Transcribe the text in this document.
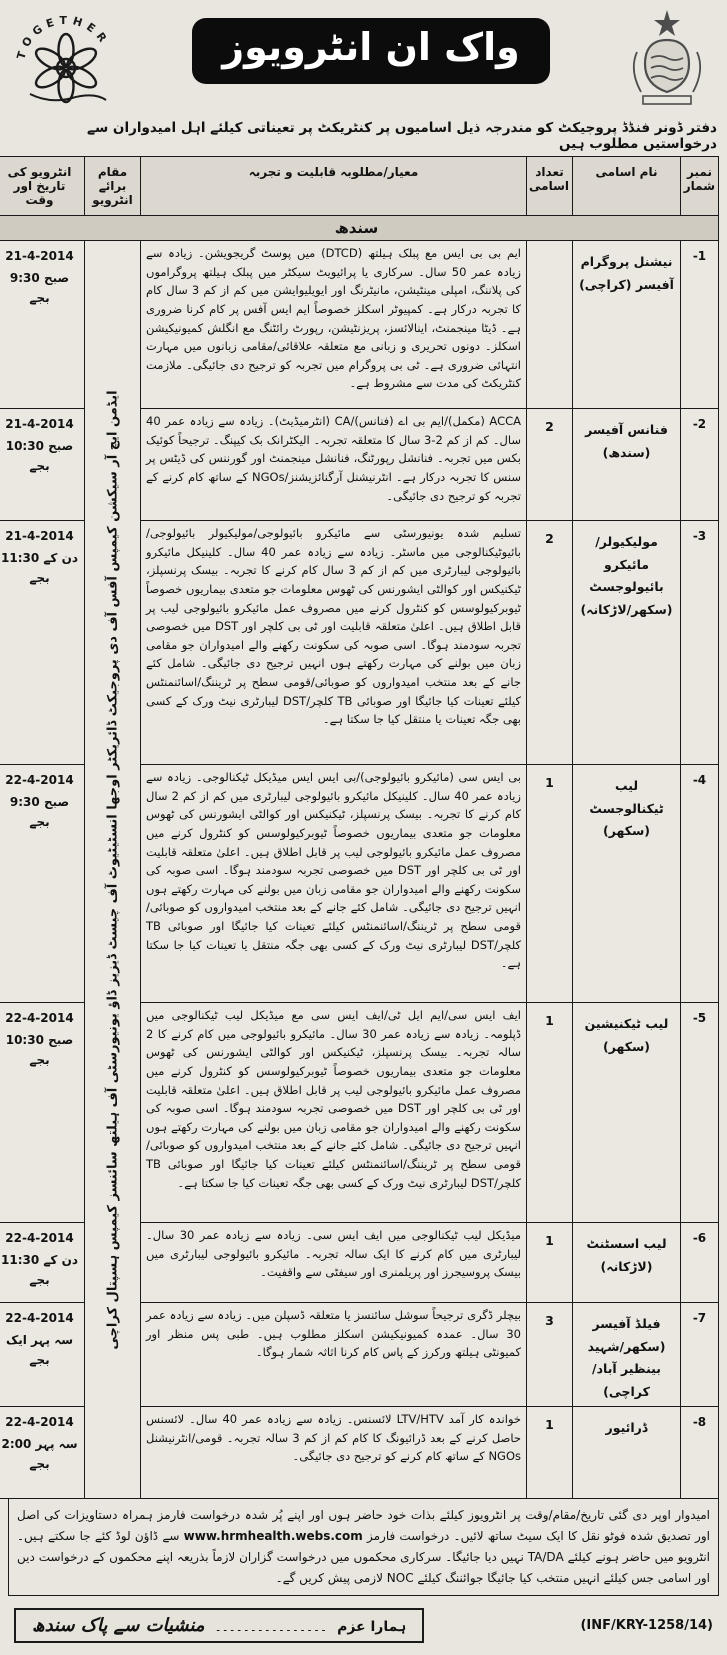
TOGETHER
6	واک ان انٹرویوز
دفتر ڈونر فنڈڈ پروجیکٹ کو مندرجہ ذیل اسامیوں پر کنٹریکٹ پر تعیناتی کیلئے اہل امیدواران سے درخواستیں مطلوب ہیں
نمبر شمار	نام اسامی	تعداد اسامی	معیار/مطلوبہ قابلیت و تجربہ	مقام برائے انٹرویو	انٹرویو کی تاریخ اور وقت
سندھ					
-1	نیشنل پروگرام آفیسر (کراچی)		ایم بی بی ایس مع پبلک ہیلتھ (DTCD) میں پوسٹ گریجویشن۔ زیادہ سے زیادہ عمر 50 سال۔ سرکاری یا پرائیویٹ سیکٹر میں پبلک ہیلتھ پروگراموں کی پلاننگ، امپلی مینٹیشن، مانیٹرنگ اور ایویلیوایشن میں کم از کم 3 سال کام کا تجربہ درکار ہے۔ کمپیوٹر اسکلز خصوصاً ایم ایس آفس پر کام کرنا ضروری ہے۔ ڈیٹا مینجمنٹ، اینالائسز، پریزنٹیشن، رپورٹ رائٹنگ مع انگلش کمیونیکیشن اسکلز۔ دونوں تحریری و زبانی مع متعلقہ علاقائی/مقامی زبانوں میں مہارت انتہائی ضروری ہے۔ ٹی بی پروگرام میں تجربہ کو ترجیح دی جائیگی۔ ملازمت کنٹریکٹ کی مدت سے مشروط ہے۔	ایڈمن ایچ آر سیکشن کیمپس آفس آف دی پروجیکٹ ڈائریکٹر اوجھا انسٹیٹیوٹ آف چیسٹ ڈیزیز ڈاؤ یونیورسٹی آف ہیلتھ سائنسز کیمپس ہسپتال کراچی	21-4-2014
صبح 9:30 بجے

-2	فنانس آفیسر (سندھ)	2	ACCA (مکمل)/ایم بی اے (فنانس)/CA (انٹرمیڈیٹ)۔ زیادہ سے زیادہ عمر 40 سال۔ کم از کم 2-3 سال کا متعلقہ تجربہ۔ الیکٹرانک بک کیپنگ۔ ترجیحاً کوئیک بکس میں تجربہ۔ فنانشل رپورٹنگ، فنانشل مینجمنٹ اور گورننس کی ڈیٹس پر سنس کا تجربہ درکار ہے۔ انٹرنیشنل آرگنائزیشنز/NGOs کے ساتھ کام کرنے کے تجربہ کو ترجیح دی جائیگی۔		21-4-2014
صبح 10:30 بجے

-3	مولیکیولر/مائیکرو بائیولوجسٹ (سکھر/لاڑکانہ)	2	تسلیم شدہ یونیورسٹی سے مائیکرو بائیولوجی/مولیکیولر بائیولوجی/بائیوٹیکنالوجی میں ماسٹر۔ زیادہ سے زیادہ عمر 40 سال۔ کلینیکل مائیکرو بائیولوجی لیبارٹری میں کم از کم 3 سال کام کرنے کا تجربہ۔ بیسک پرنسپلز، ٹیکنیکس اور کوالٹی ایشورنس کی ٹھوس معلومات جو متعدی بیماریوں خصوصاً ٹیوبرکیولوسس کو کنٹرول کرنے میں مصروف عمل مائیکرو بائیولوجی لیب پر قابل اطلاق ہیں۔ اعلیٰ متعلقہ قابلیت اور ٹی بی کلچر اور DST میں خصوصی تجربہ سودمند ہوگا۔ اسی صوبہ کی سکونت رکھنے والے امیدواران جو مقامی زبان میں بولنے کی مہارت رکھتے ہوں انہیں ترجیح دی جائیگی۔ شامل کئے جانے کے بعد منتخب امیدواروں کو صوبائی/قومی سطح پر ٹریننگ/اسائنمنٹس کیلئے تعینات کیا جائیگا اور صوبائی TB کلچر/DST لیبارٹری نیٹ ورک کے کسی بھی جگہ تعینات یا منتقل کیا جا سکتا ہے۔		21-4-2014
دن کے 11:30 بجے

-4	لیب ٹیکنالوجسٹ (سکھر)	1	بی ایس سی (مائیکرو بائیولوجی)/بی ایس ایس میڈیکل ٹیکنالوجی۔ زیادہ سے زیادہ عمر 40 سال۔ کلینیکل مائیکرو بائیولوجی لیبارٹری میں کم از کم 2 سال کام کرنے کا تجربہ۔ بیسک پرنسپلز، ٹیکنیکس اور کوالٹی ایشورنس کی ٹھوس معلومات جو متعدی بیماریوں خصوصاً ٹیوبرکیولوسس کو کنٹرول کرنے میں مصروف عمل مائیکرو بائیولوجی لیب پر قابل اطلاق ہیں۔ اعلیٰ متعلقہ قابلیت اور ٹی بی کلچر اور DST میں خصوصی تجربہ سودمند ہوگا۔ اسی صوبہ کی سکونت رکھنے والے امیدواران جو مقامی زبان میں بولنے کی مہارت رکھتے ہوں انہیں ترجیح دی جائیگی۔ شامل کئے جانے کے بعد منتخب امیدواروں کو صوبائی/قومی سطح پر ٹریننگ/اسائنمنٹس کیلئے تعینات کیا جائیگا اور صوبائی TB کلچر/DST لیبارٹری نیٹ ورک کے کسی بھی جگہ منتقل یا تعینات کیا جا سکتا ہے۔		22-4-2014
صبح 9:30 بجے

-5	لیب ٹیکنیشین (سکھر)	1	ایف ایس سی/ایم ایل ٹی/ایف ایس سی مع میڈیکل لیب ٹیکنالوجی میں ڈپلومہ۔ زیادہ سے زیادہ عمر 30 سال۔ مائیکرو بائیولوجی میں کام کرنے کا 2 سالہ تجربہ۔ بیسک پرنسپلز، ٹیکنیکس اور کوالٹی ایشورنس کی ٹھوس معلومات جو متعدی بیماریوں خصوصاً ٹیوبرکیولوسس کو کنٹرول کرنے میں مصروف عمل مائیکرو بائیولوجی لیب پر قابل اطلاق ہیں۔ اعلیٰ متعلقہ قابلیت اور ٹی بی کلچر اور DST میں خصوصی تجربہ سودمند ہوگا۔ اسی صوبہ کی سکونت رکھنے والے امیدواران جو مقامی زبان میں بولنے کی مہارت رکھتے ہوں انہیں ترجیح دی جائیگی۔ شامل کئے جانے کے بعد منتخب امیدواروں کو صوبائی/قومی سطح پر ٹریننگ/اسائنمنٹس کیلئے تعینات کیا جائیگا اور صوبائی TB کلچر/DST لیبارٹری نیٹ ورک کے کسی بھی جگہ تعینات کیا جا سکتا ہے۔		22-4-2014
صبح 10:30 بجے

-6	لیب اسسٹنٹ (لاڑکانہ)	1	میڈیکل لیب ٹیکنالوجی میں ایف ایس سی۔ زیادہ سے زیادہ عمر 30 سال۔ لیبارٹری میں کام کرنے کا ایک سالہ تجربہ۔ مائیکرو بائیولوجی لیبارٹری میں بیسک پروسیجرز اور پریلمنری اور سیفٹی سے واقفیت۔		22-4-2014
دن کے 11:30 بجے

-7	فیلڈ آفیسر (سکھر/شہید بینظیر آباد/کراچی)	3	بیچلر ڈگری ترجیحاً سوشل سائنسز یا متعلقہ ڈسپلن میں۔ زیادہ سے زیادہ عمر 30 سال۔ عمدہ کمیونیکیشن اسکلز مطلوب ہیں۔ طبی پس منظر اور کمیونٹی ہیلتھ ورکرز کے پاس کام کرنا اثاثہ شمار ہوگا۔		22-4-2014
سہ پہر ایک بجے

-8	ڈرائیور	1	خواندہ کار آمد LTV/HTV لائسنس۔ زیادہ سے زیادہ عمر 40 سال۔ لائسنس حاصل کرنے کے بعد ڈرائیونگ کا کام کم از کم 3 سالہ تجربہ۔ قومی/انٹرنیشنل NGOs کے ساتھ کام کرنے کو ترجیح دی جائیگی۔		22-4-2014
سہ پہر 2:00 بجے
امیدوار اوپر دی گئی تاریخ/مقام/وقت پر انٹرویوز کیلئے بذات خود حاضر ہوں اور اپنے پُر شدہ درخواست فارمز ہمراہ دستاویزات کی اصل اور تصدیق شدہ فوٹو نقل کا ایک سیٹ ساتھ لائیں۔ درخواست فارمز www.hrmhealth.webs.com سے ڈاؤن لوڈ کئے جا سکتے ہیں۔ انٹرویو میں حاضر ہونے کیلئے TA/DA نہیں دیا جائیگا۔ سرکاری محکموں میں درخواست گزاران لازماً بذریعہ اپنے محکموں کے درخواست دیں اور اسامی جس کیلئے انہیں منتخب کیا جائیگا جوائننگ کیلئے NOC لازمی پیش کریں گے۔
(INF/KRY-1258/14)
ہمارا عزم
۔۔۔۔۔۔۔۔۔۔۔۔۔۔۔۔
منشیات سے پاک سندھ
